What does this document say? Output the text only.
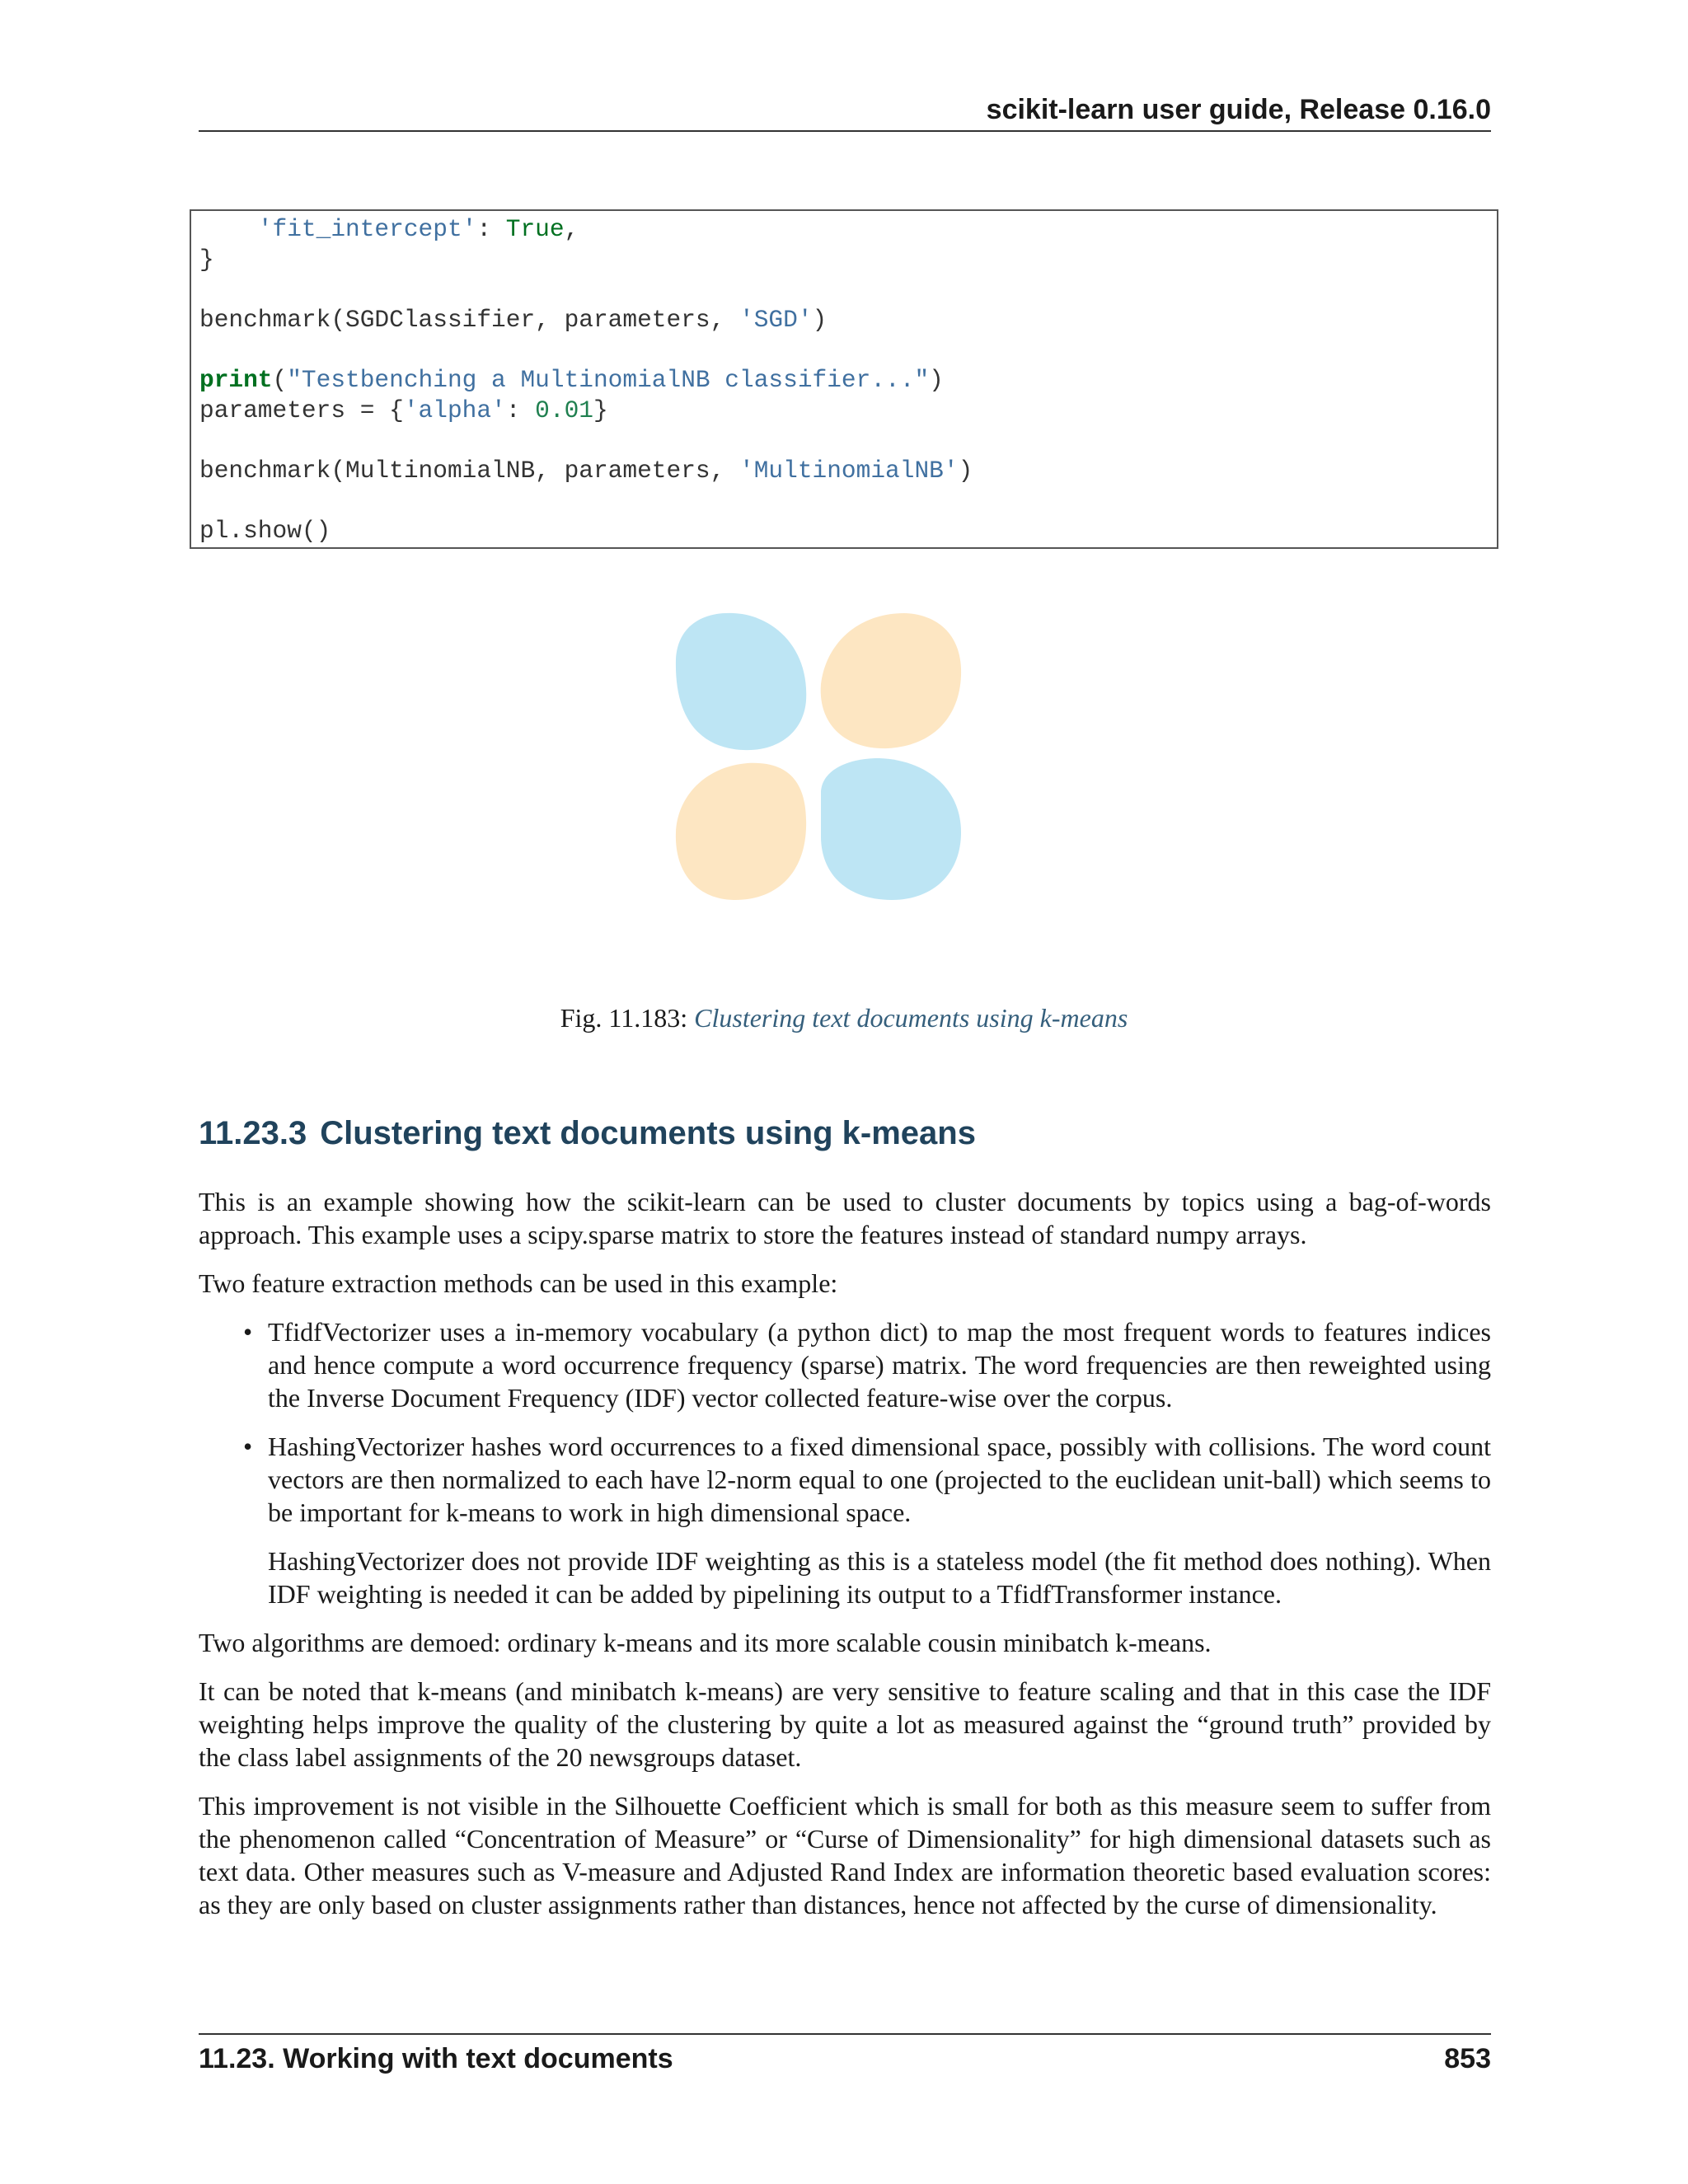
scikit-learn user guide, Release 0.16.0
'fit_intercept': True,
}

benchmark(SGDClassifier, parameters, 'SGD')

print("Testbenching a MultinomialNB classifier...")
parameters = {'alpha': 0.01}

benchmark(MultinomialNB, parameters, 'MultinomialNB')

pl.show()
Fig. 11.183: Clustering text documents using k-means
11.23.3 Clustering text documents using k-means

This is an example showing how the scikit-learn can be used to cluster documents by topics using a bag-of-words approach. This example uses a scipy.sparse matrix to store the features instead of standard numpy arrays.

Two feature extraction methods can be used in this example:

• TfidfVectorizer uses a in-memory vocabulary (a python dict) to map the most frequent words to features indices and hence compute a word occurrence frequency (sparse) matrix. The word frequencies are then reweighted using the Inverse Document Frequency (IDF) vector collected feature-wise over the corpus.
• HashingVectorizer hashes word occurrences to a fixed dimensional space, possibly with collisions. The word count vectors are then normalized to each have l2-norm equal to one (projected to the euclidean unit-ball) which seems to be important for k-means to work in high dimensional space.

HashingVectorizer does not provide IDF weighting as this is a stateless model (the fit method does nothing). When IDF weighting is needed it can be added by pipelining its output to a TfidfTransformer instance.

Two algorithms are demoed: ordinary k-means and its more scalable cousin minibatch k-means.

It can be noted that k-means (and minibatch k-means) are very sensitive to feature scaling and that in this case the IDF weighting helps improve the quality of the clustering by quite a lot as measured against the “ground truth” provided by the class label assignments of the 20 newsgroups dataset.

This improvement is not visible in the Silhouette Coefficient which is small for both as this measure seem to suffer from the phenomenon called “Concentration of Measure” or “Curse of Dimensionality” for high dimensional datasets such as text data. Other measures such as V-measure and Adjusted Rand Index are information theoretic based evaluation scores: as they are only based on cluster assignments rather than distances, hence not affected by the curse of dimensionality.

11.23. Working with text documents	853
